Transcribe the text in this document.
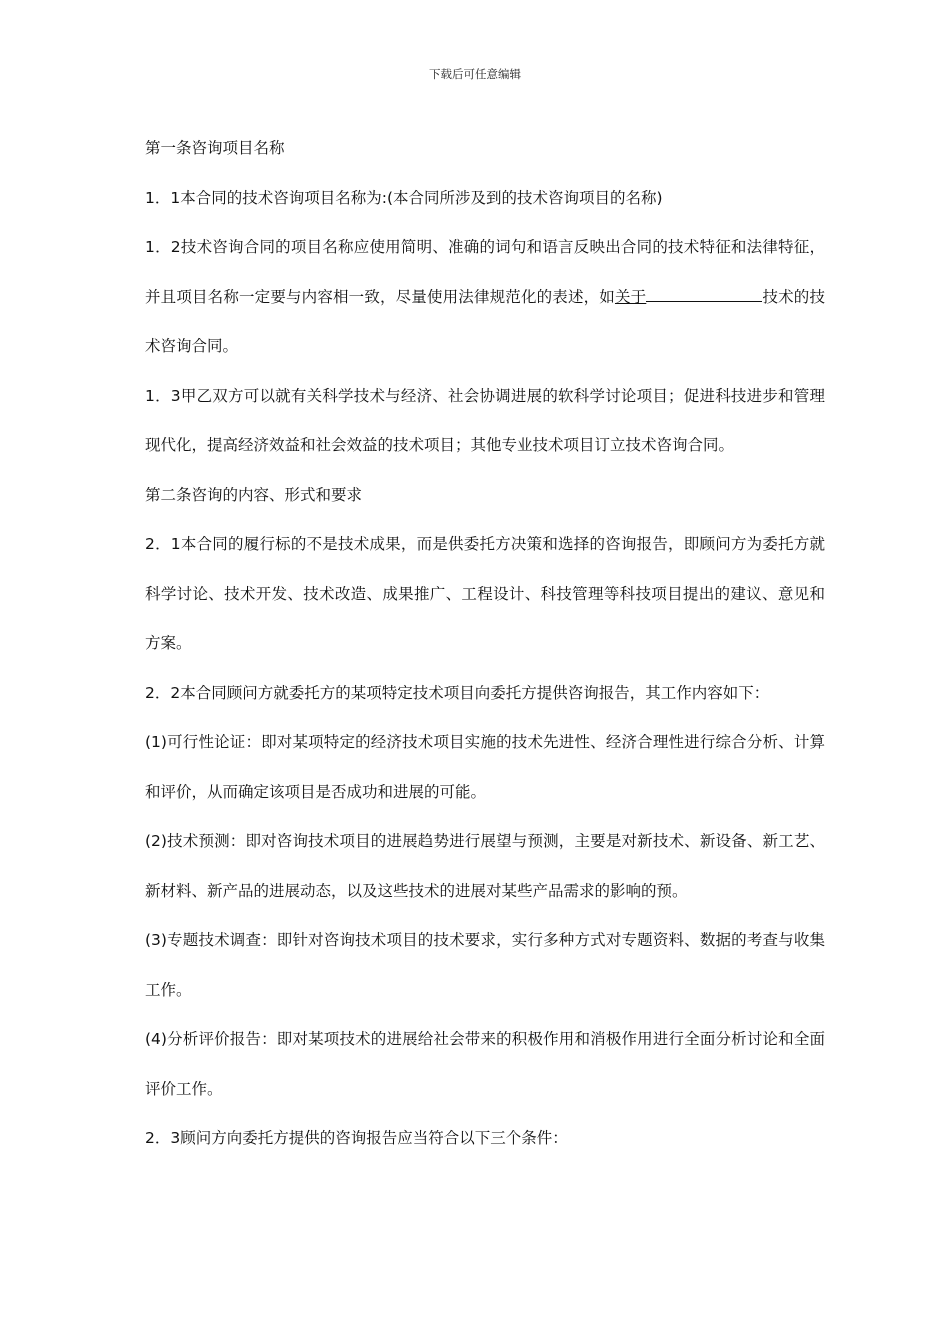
下载后可任意编辑

第一条咨询项目名称

1．1本合同的技术咨询项目名称为:(本合同所涉及到的技术咨询项目的名称)

1．2技术咨询合同的项目名称应使用简明、准确的词句和语言反映出合同的技术特征和法律特征，并且项目名称一定要与内容相一致，尽量使用法律规范化的表述，如关于	技术的技术咨询合同。

1．3甲乙双方可以就有关科学技术与经济、社会协调进展的软科学讨论项目；促进科技进步和管理现代化，提高经济效益和社会效益的技术项目；其他专业技术项目订立技术咨询合同。

第二条咨询的内容、形式和要求

2．1本合同的履行标的不是技术成果，而是供委托方决策和选择的咨询报告，即顾问方为委托方就科学讨论、技术开发、技术改造、成果推广、工程设计、科技管理等科技项目提出的建议、意见和方案。

2．2本合同顾问方就委托方的某项特定技术项目向委托方提供咨询报告，其工作内容如下：

(1)可行性论证：即对某项特定的经济技术项目实施的技术先进性、经济合理性进行综合分析、计算和评价，从而确定该项目是否成功和进展的可能。

(2)技术预测：即对咨询技术项目的进展趋势进行展望与预测，主要是对新技术、新设备、新工艺、新材料、新产品的进展动态，以及这些技术的进展对某些产品需求的影响的预。

(3)专题技术调查：即针对咨询技术项目的技术要求，实行多种方式对专题资料、数据的考查与收集工作。

(4)分析评价报告：即对某项技术的进展给社会带来的积极作用和消极作用进行全面分析讨论和全面评价工作。

2．3顾问方向委托方提供的咨询报告应当符合以下三个条件：
